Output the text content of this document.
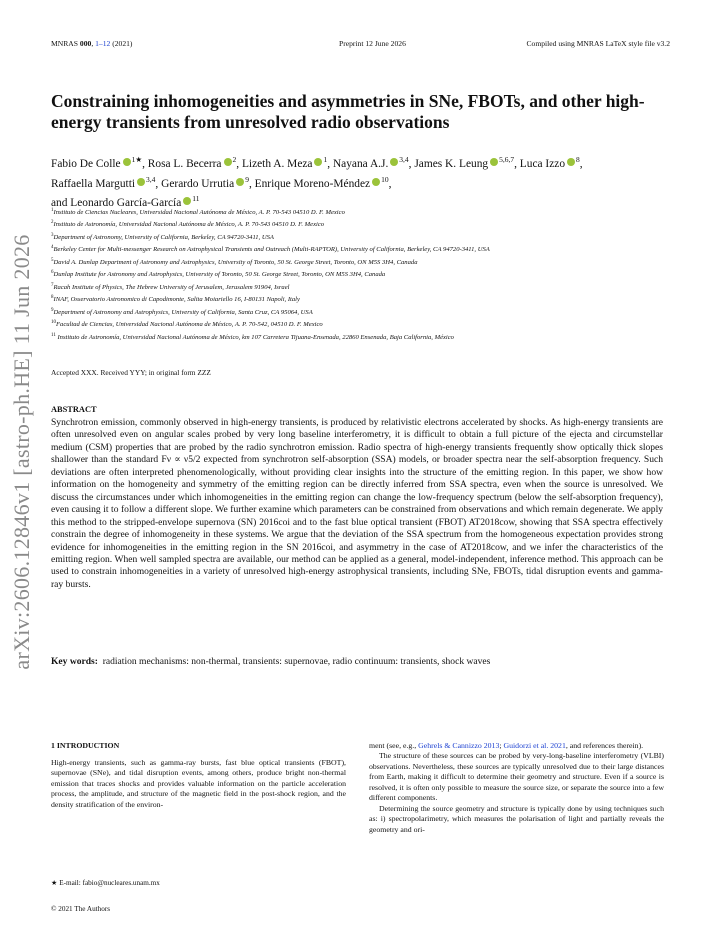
MNRAS 000, 1–12 (2021)	Preprint 12 June 2026	Compiled using MNRAS LaTeX style file v3.2
arXiv:2606.12846v1 [astro-ph.HE] 11 Jun 2026
Constraining inhomogeneities and asymmetries in SNe, FBOTs, and other high-energy transients from unresolved radio observations
Fabio De Colle $^{1★}$, Rosa L. Becerra $^2$, Lizeth A. Meza $^1$, Nayana A.J. $^{3,4}$, James K. Leung $^{5,6,7}$, Luca Izzo $^8$,
Raffaella Margutti $^{3,4}$, Gerardo Urrutia $^9$, Enrique Moreno-Méndez $^{10}$,
and Leonardo García-García $^{11}$
$^1$Instituto de Ciencias Nucleares, Universidad Nacional Autónoma de México, A. P. 70-543 04510 D. F. Mexico
$^2$Instituto de Astronomía, Universidad Nacional Autónoma de México, A. P. 70-543 04510 D. F. Mexico
$^3$Department of Astronomy, University of California, Berkeley, CA 94720-3411, USA
$^4$Berkeley Center for Multi-messenger Research on Astrophysical Transients and Outreach (Multi-RAPTOR), University of California, Berkeley, CA 94720-3411, USA
$^5$David A. Dunlap Department of Astronomy and Astrophysics, University of Toronto, 50 St. George Street, Toronto, ON M5S 3H4, Canada
$^6$Dunlap Institute for Astronomy and Astrophysics, University of Toronto, 50 St. George Street, Toronto, ON M5S 3H4, Canada
$^7$Racah Institute of Physics, The Hebrew University of Jerusalem, Jerusalem 91904, Israel
$^8$INAF, Osservatorio Astronomico di Capodimonte, Salita Moiariello 16, I-80131 Napoli, Italy
$^9$Department of Astronomy and Astrophysics, University of California, Santa Cruz, CA 95064, USA
$^{10}$Facultad de Ciencias, Universidad Nacional Autónoma de México, A. P. 70-542, 04510 D. F. Mexico
$^{11}$ Instituto de Astronomía, Universidad Nacional Autónoma de México, km 107 Carretera Tijuana-Ensenada, 22860 Ensenada, Baja California, México
Accepted XXX. Received YYY; in original form ZZZ
ABSTRACT

Synchrotron emission, commonly observed in high-energy transients, is produced by relativistic electrons accelerated by shocks. As high-energy transients are often unresolved even on angular scales probed by very long baseline interferometry, it is difficult to obtain a full picture of the ejecta and circumstellar medium (CSM) properties that are probed by the radio synchrotron emission. Radio spectra of high-energy transients frequently show optically thick slopes shallower than the standard Fν ∝ ν5/2 expected from synchrotron self-absorption (SSA) models, or broader spectra near the self-absorption frequency. Such deviations are often interpreted phenomenologically, without providing clear insights into the structure of the emitting region. In this paper, we show how information on the homogeneity and symmetry of the emitting region can be directly inferred from SSA spectra, even when the source is unresolved. We discuss the circumstances under which inhomogeneities in the emitting region can change the low-frequency spectrum (below the self-absorption frequency), even causing it to follow a different slope. We further examine which parameters can be constrained from observations and which remain degenerate. We apply this method to the stripped-envelope supernova (SN) 2016coi and to the fast blue optical transient (FBOT) AT2018cow, showing that SSA spectra effectively constrain the degree of inhomogeneity in these systems. We argue that the deviation of the SSA spectrum from the homogeneous expectation provides strong evidence for inhomogeneities in the emitting region in the SN 2016coi, and asymmetry in the case of AT2018cow, and we infer the characteristics of the emitting region. When well sampled spectra are available, our method can be applied as a general, model-independent, inference method. This approach can be used to constrain inhomogeneities in a variety of unresolved high-energy astrophysical transients, including SNe, FBOTs, tidal disruption events and gamma-ray bursts.

Key words: radiation mechanisms: non-thermal, transients: supernovae, radio continuum: transients, shock waves
1 INTRODUCTION

High-energy transients, such as gamma-ray bursts, fast blue optical transients (FBOT), supernovae (SNe), and tidal disruption events, among others, produce bright non-thermal emission that traces shocks and provides valuable information on the particle acceleration process, the amplitude, and structure of the magnetic field in the post-shock region, and the density stratification of the environ-

ment (see, e.g., Gehrels & Cannizzo 2013; Guidorzi et al. 2021, and references therein).

The structure of these sources can be probed by very-long-baseline interferometry (VLBI) observations. Nevertheless, these sources are typically unresolved due to their large distances from Earth, making it difficult to determine their geometry and structure. Even if a source is resolved, it is often only possible to measure the source size, or separate the source into a few different components.

Determining the source geometry and structure is typically done by using techniques such as: i) spectropolarimetry, which measures the polarisation of light and partially reveals the geometry and ori-

★ E-mail: fabio@nucleares.unam.mx
© 2021 The Authors
